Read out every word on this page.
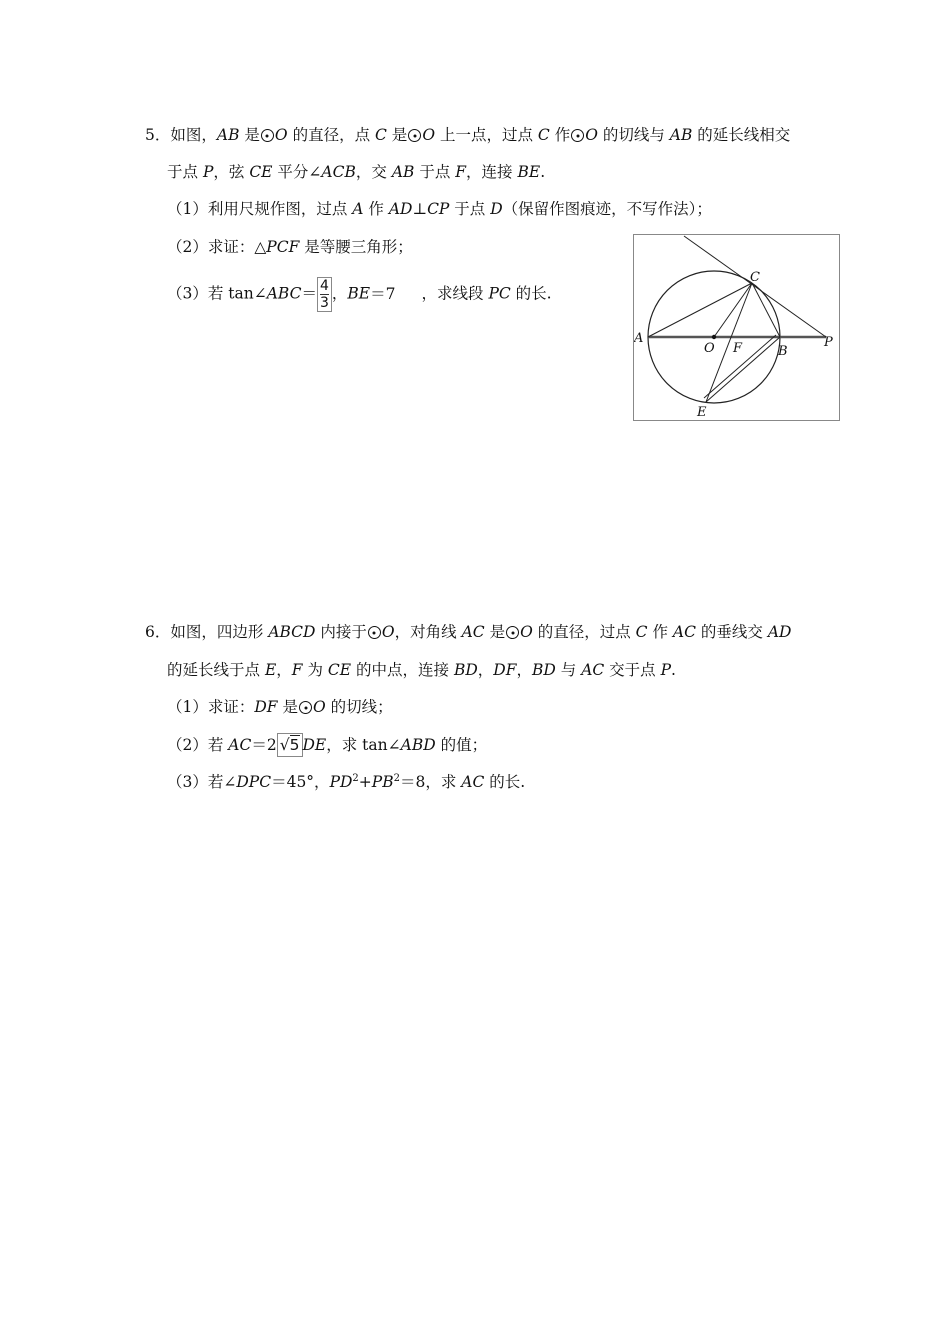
5．如图，AB 是 O 的直径，点 C 是 O 上一点，过点 C 作 O 的切线与 AB 的延长线相交
于点 P，弦 CE 平分∠ACB，交 AB 于点 F，连接 BE.
（1）利用尺规作图，过点 A 作 AD⊥CP 于点 D（保留作图痕迹，不写作法）；
（2）求证：△PCF 是等腰三角形；
（3）若 tan∠ABC＝ $\frac{4}{3}$ ，BE＝7 ，求线段 PC 的长.
A
O F	B
P
C
E
6．如图，四边形 ABCD 内接于 O，对角线 AC 是 O 的直径，过点 C 作 AC 的垂线交 AD
的延长线于点 E，F 为 CE 的中点，连接 BD，DF，BD 与 AC 交于点 P.
（1）求证：DF 是 O 的切线；
（2）若 AC＝2 √5 DE，求 tan∠ABD 的值；
（3）若∠DPC＝45°，$PD^2+PB^2=8$，求 AC 的长.
